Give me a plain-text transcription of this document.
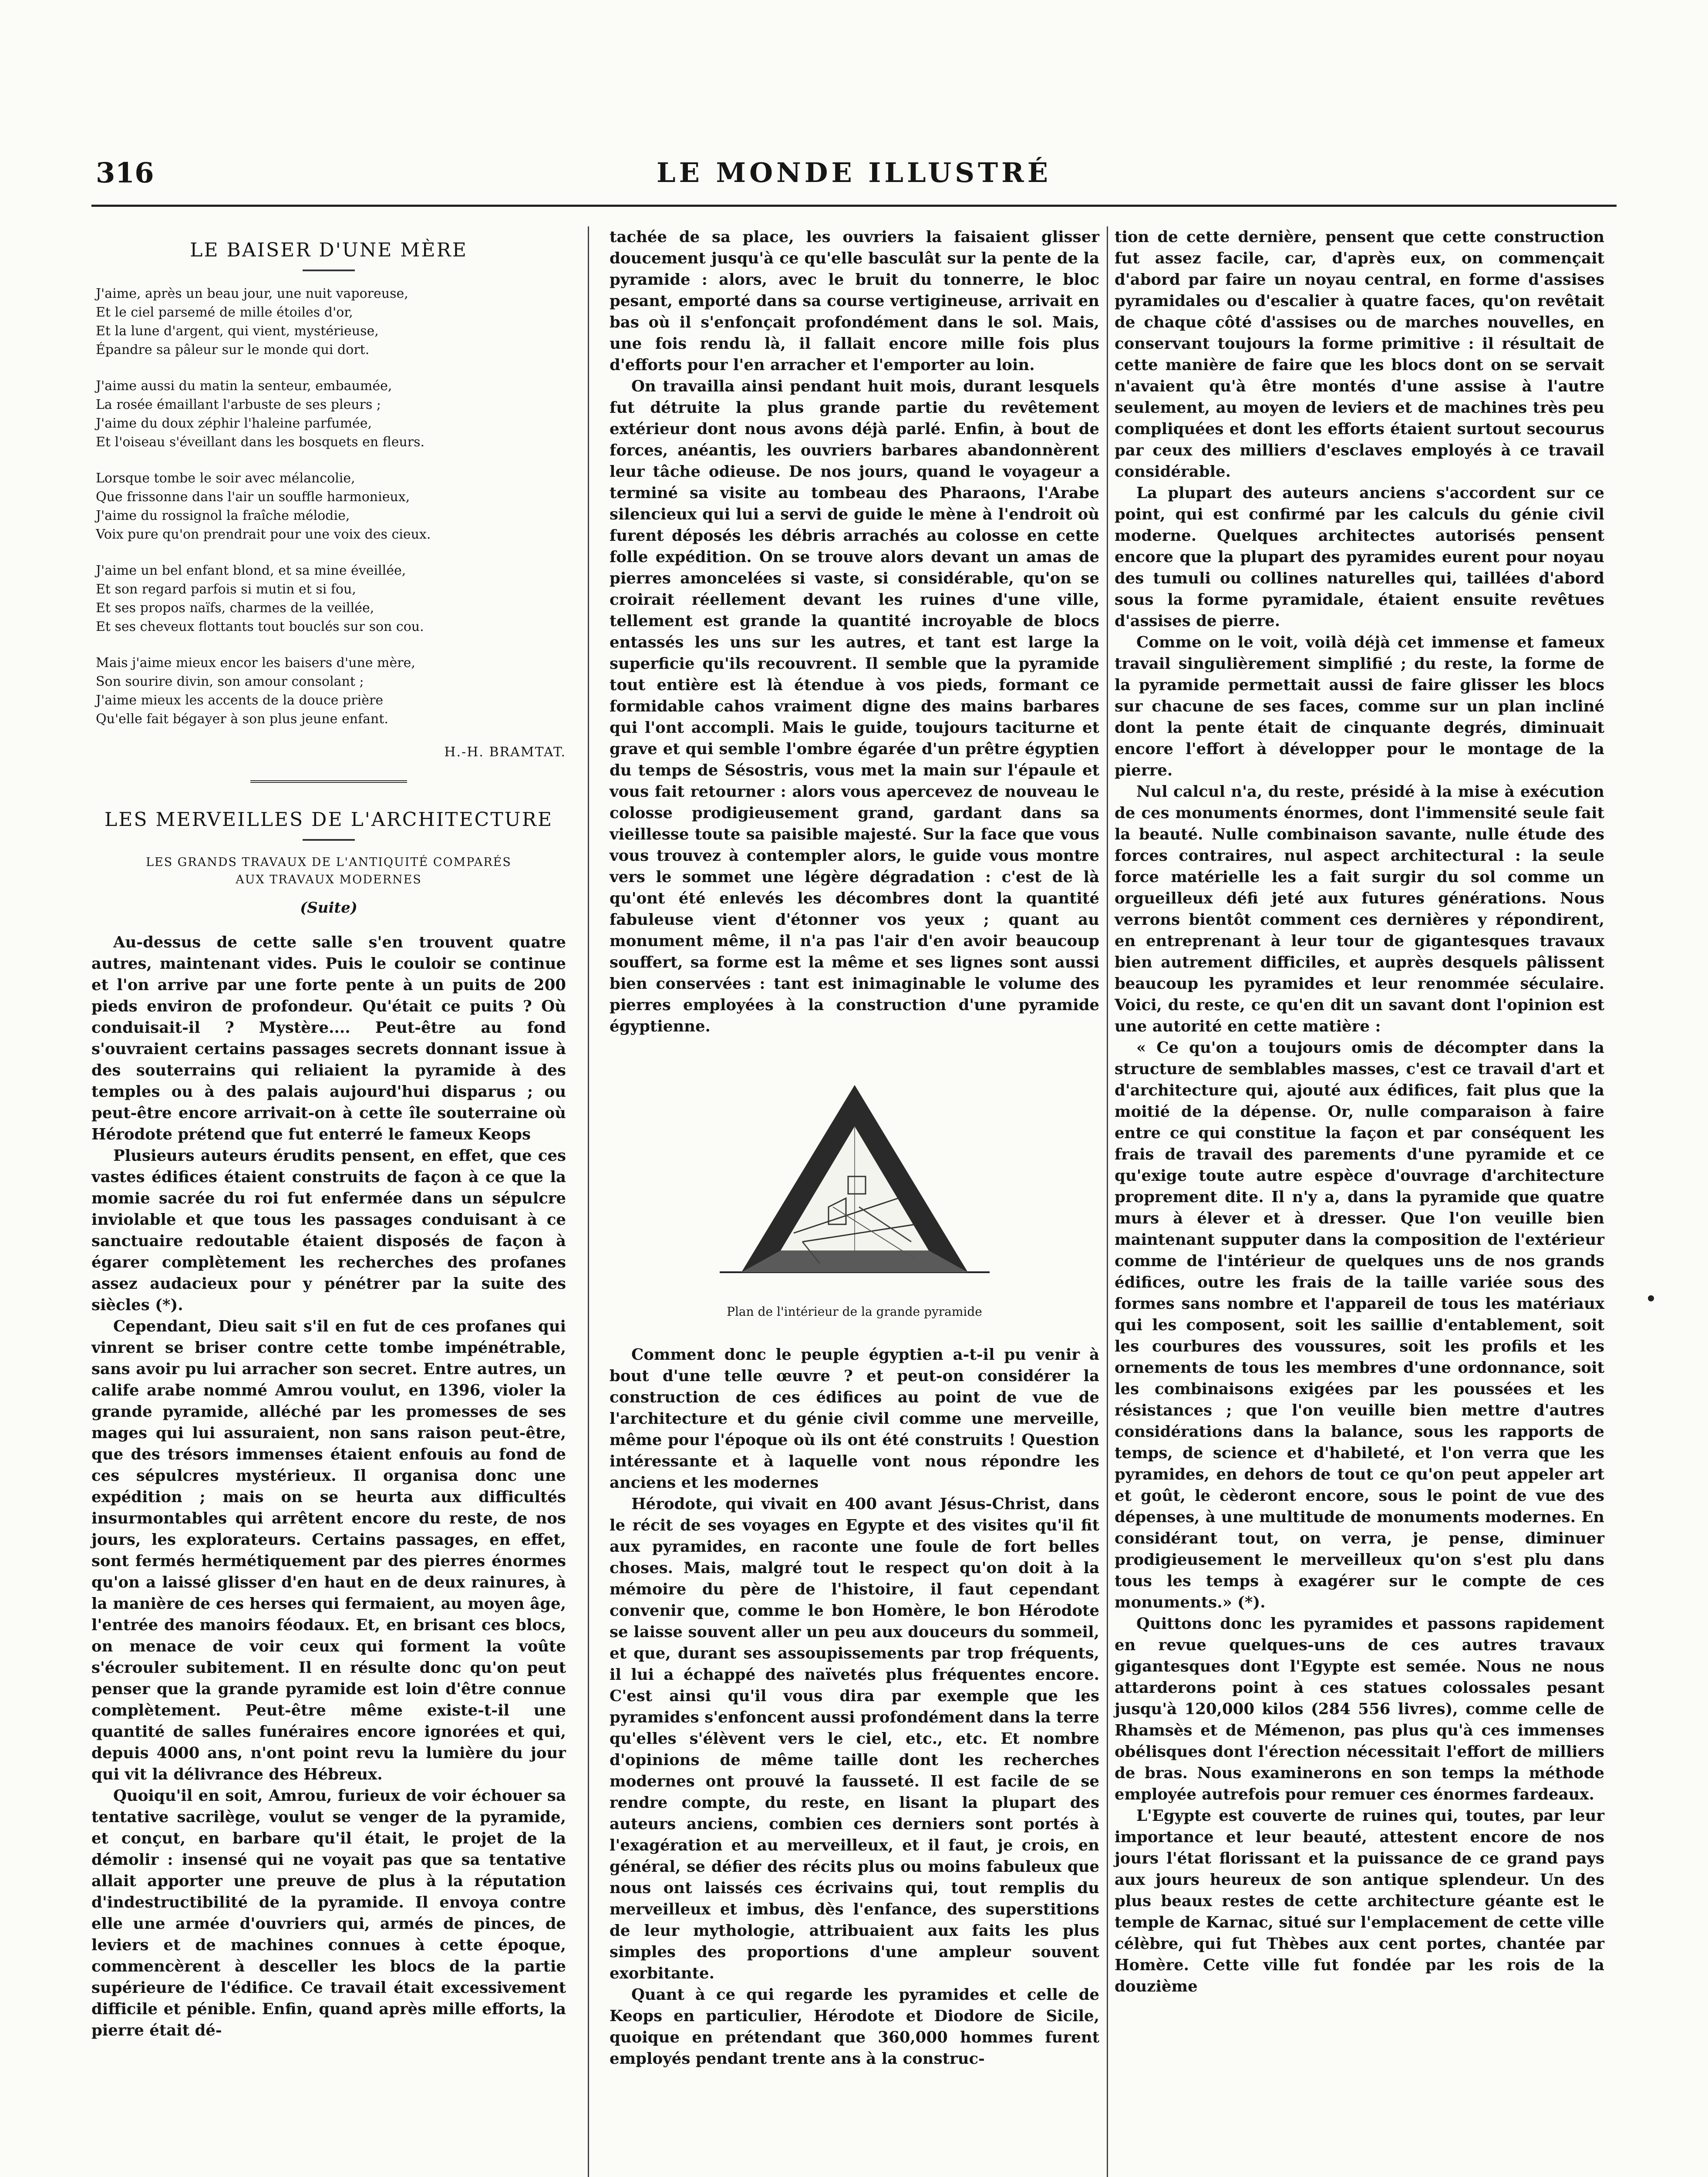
316	LE MONDE ILLUSTRÉ
LE BAISER D'UNE MÈRE
J'aime, après un beau jour, une nuit vaporeuse,
Et le ciel parsemé de mille étoiles d'or,
Et la lune d'argent, qui vient, mystérieuse,
Épandre sa pâleur sur le monde qui dort.
J'aime aussi du matin la senteur, embaumée,
La rosée émaillant l'arbuste de ses pleurs ;
J'aime du doux zéphir l'haleine parfumée,
Et l'oiseau s'éveillant dans les bosquets en fleurs.
Lorsque tombe le soir avec mélancolie,
Que frissonne dans l'air un souffle harmonieux,
J'aime du rossignol la fraîche mélodie,
Voix pure qu'on prendrait pour une voix des cieux.
J'aime un bel enfant blond, et sa mine éveillée,
Et son regard parfois si mutin et si fou,
Et ses propos naïfs, charmes de la veillée,
Et ses cheveux flottants tout bouclés sur son cou.
Mais j'aime mieux encor les baisers d'une mère,
Son sourire divin, son amour consolant ;
J'aime mieux les accents de la douce prière
Qu'elle fait bégayer à son plus jeune enfant.
H.-H. BRAMTAT.
LES MERVEILLES DE L'ARCHITECTURE
LES GRANDS TRAVAUX DE L'ANTIQUITÉ COMPARÉS
AUX TRAVAUX MODERNES
(Suite)

Au-dessus de cette salle s'en trouvent quatre autres, maintenant vides. Puis le couloir se continue et l'on arrive par une forte pente à un puits de 200 pieds environ de profondeur. Qu'était ce puits ? Où conduisait-il ? Mystère.... Peut-être au fond s'ouvraient certains passages secrets donnant issue à des souterrains qui reliaient la pyramide à des temples ou à des palais aujourd'hui disparus ; ou peut-être encore arrivait-on à cette île souterraine où Hérodote prétend que fut enterré le fameux Keops

Plusieurs auteurs érudits pensent, en effet, que ces vastes édifices étaient construits de façon à ce que la momie sacrée du roi fut enfermée dans un sépulcre inviolable et que tous les passages conduisant à ce sanctuaire redoutable étaient disposés de façon à égarer complètement les recherches des profanes assez audacieux pour y pénétrer par la suite des siècles (*).

Cependant, Dieu sait s'il en fut de ces profanes qui vinrent se briser contre cette tombe impénétrable, sans avoir pu lui arracher son secret. Entre autres, un calife arabe nommé Amrou voulut, en 1396, violer la grande pyramide, alléché par les promesses de ses mages qui lui assuraient, non sans raison peut-être, que des trésors immenses étaient enfouis au fond de ces sépulcres mystérieux. Il organisa donc une expédition ; mais on se heurta aux difficultés insurmontables qui arrêtent encore du reste, de nos jours, les explorateurs. Certains passages, en effet, sont fermés hermétiquement par des pierres énormes qu'on a laissé glisser d'en haut en de deux rainures, à la manière de ces herses qui fermaient, au moyen âge, l'entrée des manoirs féodaux. Et, en brisant ces blocs, on menace de voir ceux qui forment la voûte s'écrouler subitement. Il en résulte donc qu'on peut penser que la grande pyramide est loin d'être connue complètement. Peut-être même existe-t-il une quantité de salles funéraires encore ignorées et qui, depuis 4000 ans, n'ont point revu la lumière du jour qui vit la délivrance des Hébreux.

Quoiqu'il en soit, Amrou, furieux de voir échouer sa tentative sacrilège, voulut se venger de la pyramide, et conçut, en barbare qu'il était, le projet de la démolir : insensé qui ne voyait pas que sa tentative allait apporter une preuve de plus à la réputation d'indestructibilité de la pyramide. Il envoya contre elle une armée d'ouvriers qui, armés de pinces, de leviers et de machines connues à cette époque, commencèrent à desceller les blocs de la partie supérieure de l'édifice. Ce travail était excessivement difficile et pénible. Enfin, quand après mille efforts, la pierre était dé-

tachée de sa place, les ouvriers la faisaient glisser doucement jusqu'à ce qu'elle basculât sur la pente de la pyramide : alors, avec le bruit du tonnerre, le bloc pesant, emporté dans sa course vertigineuse, arrivait en bas où il s'enfonçait profondément dans le sol. Mais, une fois rendu là, il fallait encore mille fois plus d'efforts pour l'en arracher et l'emporter au loin.

On travailla ainsi pendant huit mois, durant lesquels fut détruite la plus grande partie du revêtement extérieur dont nous avons déjà parlé. Enfin, à bout de forces, anéantis, les ouvriers barbares abandonnèrent leur tâche odieuse. De nos jours, quand le voyageur a terminé sa visite au tombeau des Pharaons, l'Arabe silencieux qui lui a servi de guide le mène à l'endroit où furent déposés les débris arrachés au colosse en cette folle expédition. On se trouve alors devant un amas de pierres amoncelées si vaste, si considérable, qu'on se croirait réellement devant les ruines d'une ville, tellement est grande la quantité incroyable de blocs entassés les uns sur les autres, et tant est large la superficie qu'ils recouvrent. Il semble que la pyramide tout entière est là étendue à vos pieds, formant ce formidable cahos vraiment digne des mains barbares qui l'ont accompli. Mais le guide, toujours taciturne et grave et qui semble l'ombre égarée d'un prêtre égyptien du temps de Sésostris, vous met la main sur l'épaule et vous fait retourner : alors vous apercevez de nouveau le colosse prodigieusement grand, gardant dans sa vieillesse toute sa paisible majesté. Sur la face que vous vous trouvez à contempler alors, le guide vous montre vers le sommet une légère dégradation : c'est de là qu'ont été enlevés les décombres dont la quantité fabuleuse vient d'étonner vos yeux ; quant au monument même, il n'a pas l'air d'en avoir beaucoup souffert, sa forme est la même et ses lignes sont aussi bien conservées : tant est inimaginable le volume des pierres employées à la construction d'une pyramide égyptienne.

Plan de l'intérieur de la grande pyramide

Comment donc le peuple égyptien a-t-il pu venir à bout d'une telle œuvre ? et peut-on considérer la construction de ces édifices au point de vue de l'architecture et du génie civil comme une merveille, même pour l'époque où ils ont été construits ! Question intéressante et à laquelle vont nous répondre les anciens et les modernes

Hérodote, qui vivait en 400 avant Jésus-Christ, dans le récit de ses voyages en Egypte et des visites qu'il fit aux pyramides, en raconte une foule de fort belles choses. Mais, malgré tout le respect qu'on doit à la mémoire du père de l'histoire, il faut cependant convenir que, comme le bon Homère, le bon Hérodote se laisse souvent aller un peu aux douceurs du sommeil, et que, durant ses assoupissements par trop fréquents, il lui a échappé des naïvetés plus fréquentes encore. C'est ainsi qu'il vous dira par exemple que les pyramides s'enfoncent aussi profondément dans la terre qu'elles s'élèvent vers le ciel, etc., etc. Et nombre d'opinions de même taille dont les recherches modernes ont prouvé la fausseté. Il est facile de se rendre compte, du reste, en lisant la plupart des auteurs anciens, combien ces derniers sont portés à l'exagération et au merveilleux, et il faut, je crois, en général, se défier des récits plus ou moins fabuleux que nous ont laissés ces écrivains qui, tout remplis du merveilleux et imbus, dès l'enfance, des superstitions de leur mythologie, attribuaient aux faits les plus simples des proportions d'une ampleur souvent exorbitante.

Quant à ce qui regarde les pyramides et celle de Keops en particulier, Hérodote et Diodore de Sicile, quoique en prétendant que 360,000 hommes furent employés pendant trente ans à la construc-

tion de cette dernière, pensent que cette construction fut assez facile, car, d'après eux, on commençait d'abord par faire un noyau central, en forme d'assises pyramidales ou d'escalier à quatre faces, qu'on revêtait de chaque côté d'assises ou de marches nouvelles, en conservant toujours la forme primitive : il résultait de cette manière de faire que les blocs dont on se servait n'avaient qu'à être montés d'une assise à l'autre seulement, au moyen de leviers et de machines très peu compliquées et dont les efforts étaient surtout secourus par ceux des milliers d'esclaves employés à ce travail considérable.

La plupart des auteurs anciens s'accordent sur ce point, qui est confirmé par les calculs du génie civil moderne. Quelques architectes autorisés pensent encore que la plupart des pyramides eurent pour noyau des tumuli ou collines naturelles qui, taillées d'abord sous la forme pyramidale, étaient ensuite revêtues d'assises de pierre.

Comme on le voit, voilà déjà cet immense et fameux travail singulièrement simplifié ; du reste, la forme de la pyramide permettait aussi de faire glisser les blocs sur chacune de ses faces, comme sur un plan incliné dont la pente était de cinquante degrés, diminuait encore l'effort à développer pour le montage de la pierre.

Nul calcul n'a, du reste, présidé à la mise à exécution de ces monuments énormes, dont l'immensité seule fait la beauté. Nulle combinaison savante, nulle étude des forces contraires, nul aspect architectural : la seule force matérielle les a fait surgir du sol comme un orgueilleux défi jeté aux futures générations. Nous verrons bientôt comment ces dernières y répondirent, en entreprenant à leur tour de gigantesques travaux bien autrement difficiles, et auprès desquels pâlissent beaucoup les pyramides et leur renommée séculaire. Voici, du reste, ce qu'en dit un savant dont l'opinion est une autorité en cette matière :

« Ce qu'on a toujours omis de décompter dans la structure de semblables masses, c'est ce travail d'art et d'architecture qui, ajouté aux édifices, fait plus que la moitié de la dépense. Or, nulle comparaison à faire entre ce qui constitue la façon et par conséquent les frais de travail des parements d'une pyramide et ce qu'exige toute autre espèce d'ouvrage d'architecture proprement dite. Il n'y a, dans la pyramide que quatre murs à élever et à dresser. Que l'on veuille bien maintenant supputer dans la composition de l'extérieur comme de l'intérieur de quelques uns de nos grands édifices, outre les frais de la taille variée sous des formes sans nombre et l'appareil de tous les matériaux qui les composent, soit les saillie d'entablement, soit les courbures des voussures, soit les profils et les ornements de tous les membres d'une ordonnance, soit les combinaisons exigées par les poussées et les résistances ; que l'on veuille bien mettre d'autres considérations dans la balance, sous les rapports de temps, de science et d'habileté, et l'on verra que les pyramides, en dehors de tout ce qu'on peut appeler art et goût, le cèderont encore, sous le point de vue des dépenses, à une multitude de monuments modernes. En considérant tout, on verra, je pense, diminuer prodigieusement le merveilleux qu'on s'est plu dans tous les temps à exagérer sur le compte de ces monuments.» (*).

Quittons donc les pyramides et passons rapidement en revue quelques-uns de ces autres travaux gigantesques dont l'Egypte est semée. Nous ne nous attarderons point à ces statues colossales pesant jusqu'à 120,000 kilos (284 556 livres), comme celle de Rhamsès et de Mémenon, pas plus qu'à ces immenses obélisques dont l'érection nécessitait l'effort de milliers de bras. Nous examinerons en son temps la méthode employée autrefois pour remuer ces énormes fardeaux.

L'Egypte est couverte de ruines qui, toutes, par leur importance et leur beauté, attestent encore de nos jours l'état florissant et la puissance de ce grand pays aux jours heureux de son antique splendeur. Un des plus beaux restes de cette architecture géante est le temple de Karnac, situé sur l'emplacement de cette ville célèbre, qui fut Thèbes aux cent portes, chantée par Homère. Cette ville fut fondée par les rois de la douzième
